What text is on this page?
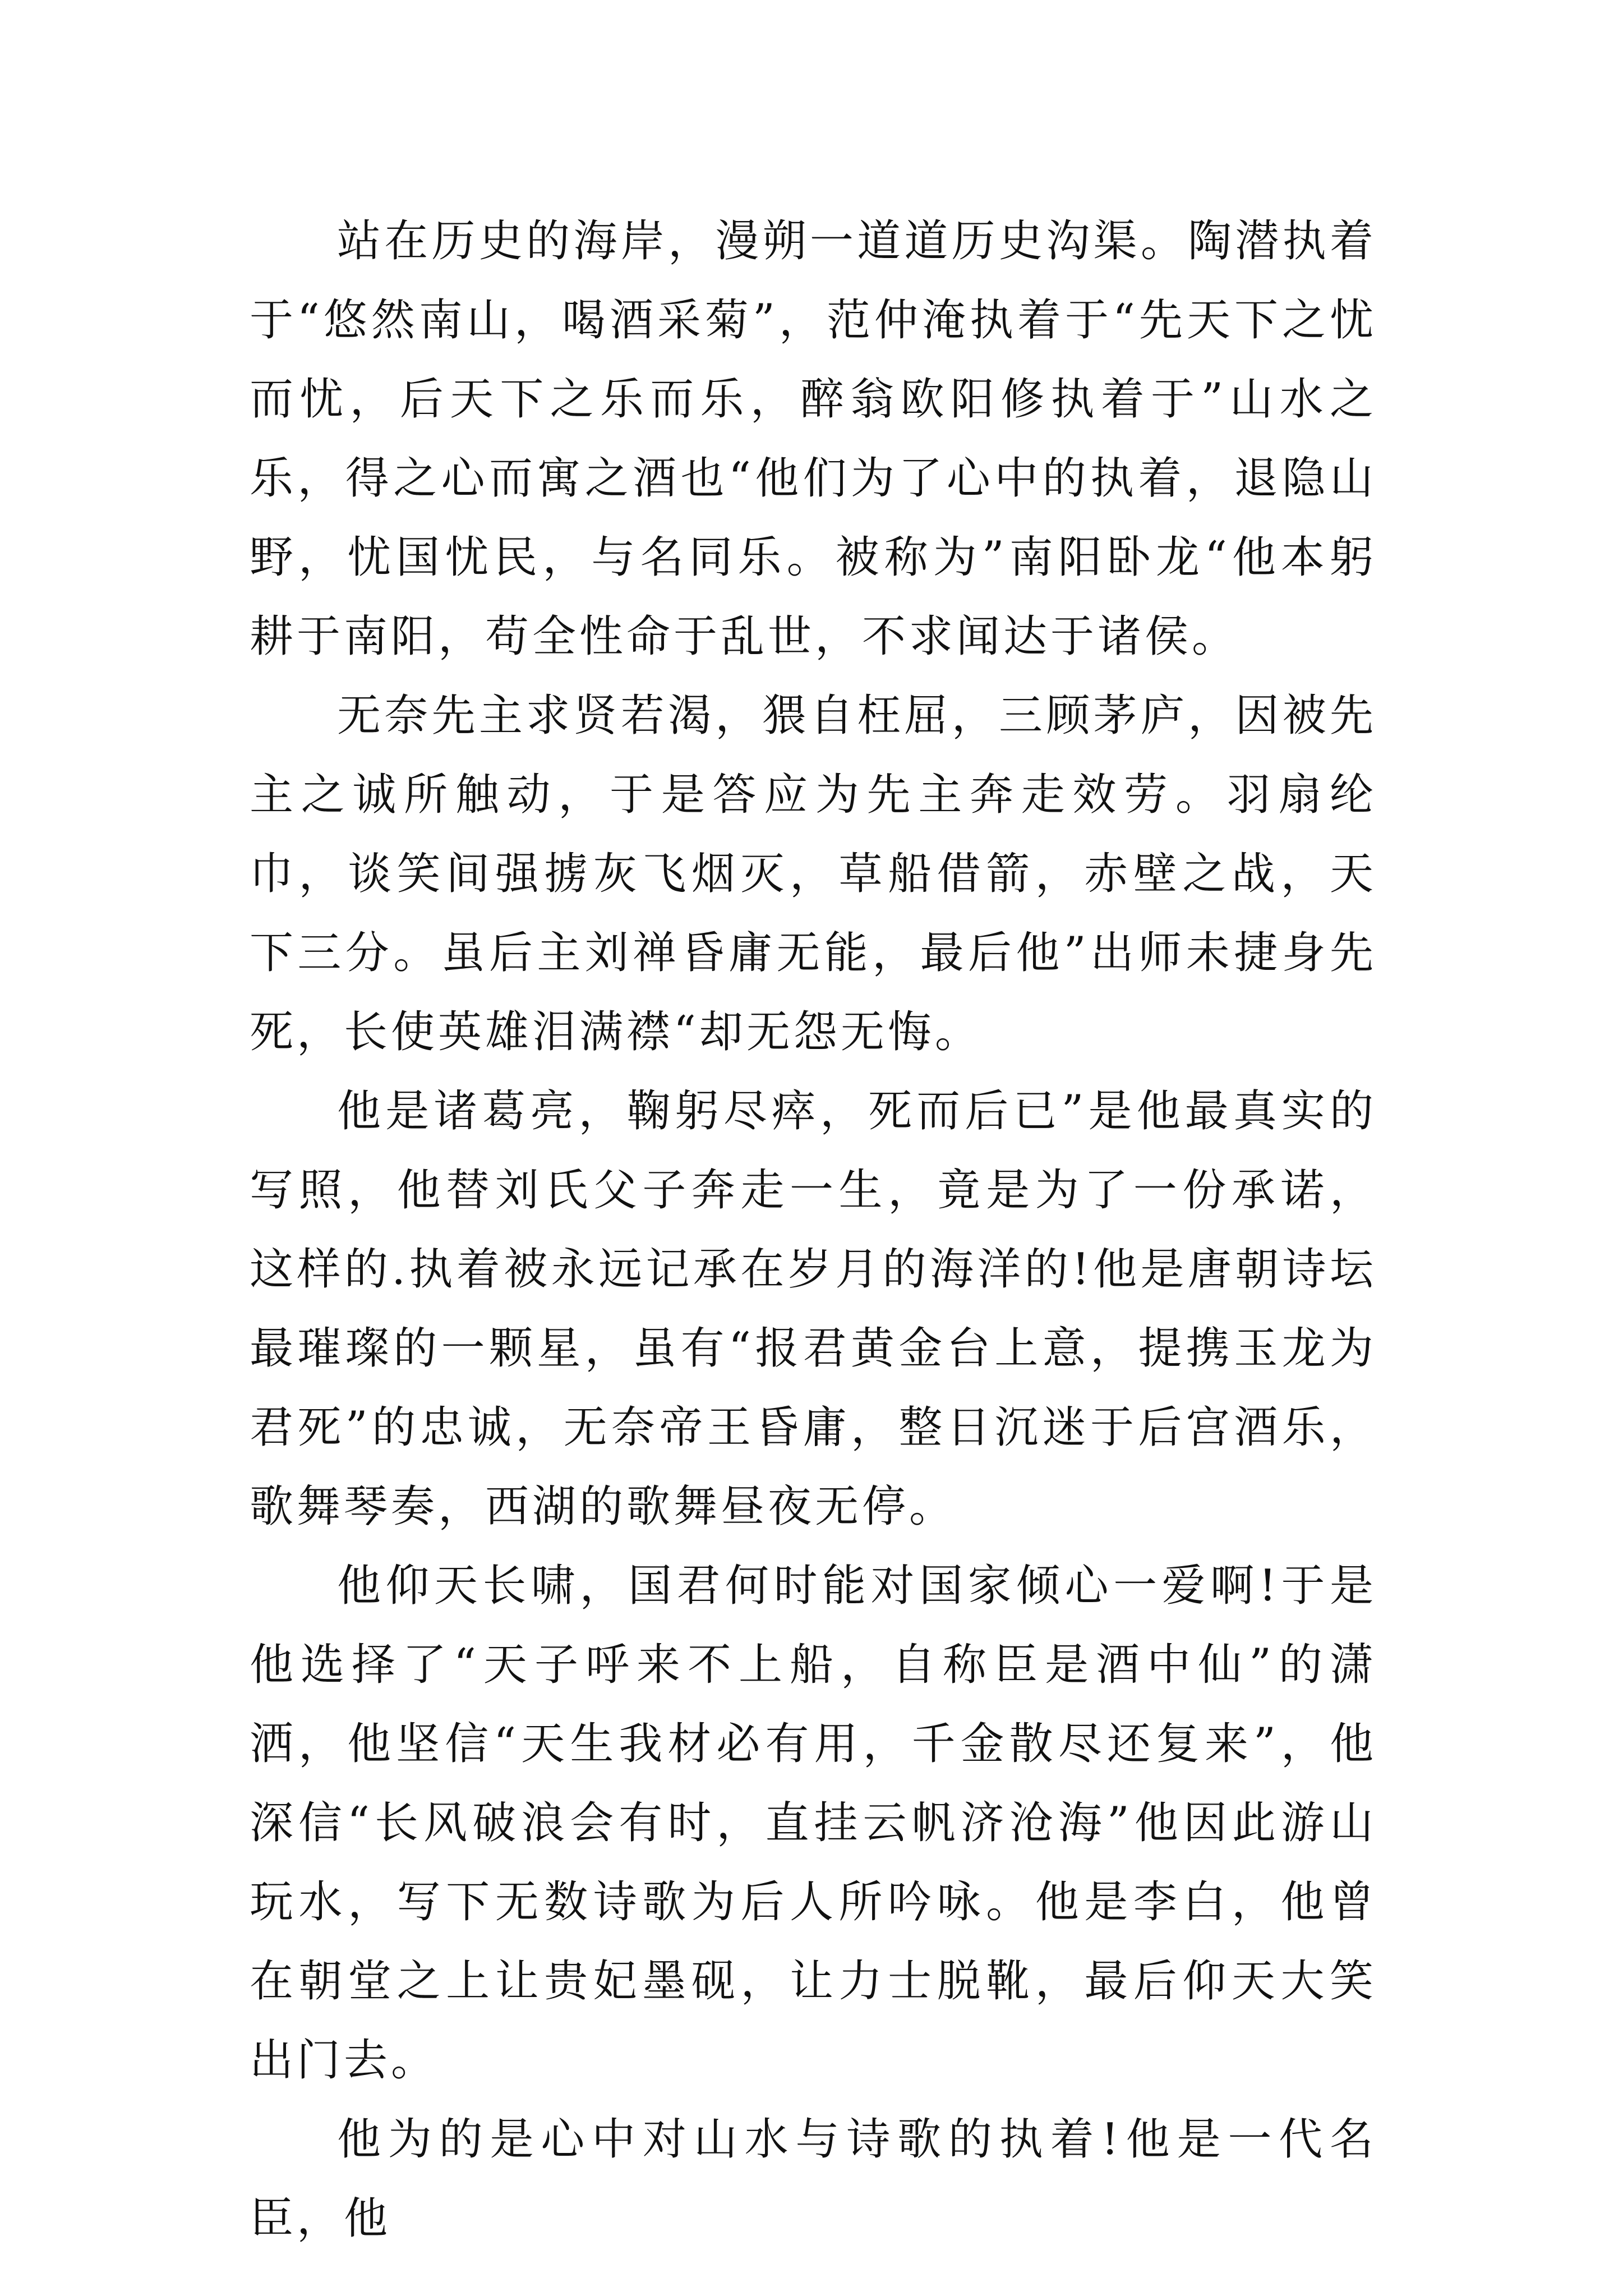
站在历史的海岸，漫朔一道道历史沟渠。陶潜执着于“悠然南山，喝酒采菊”，范仲淹执着于“先天下之忧而忧，后天下之乐而乐，醉翁欧阳修执着于”山水之乐，得之心而寓之酒也“他们为了心中的执着，退隐山野，忧国忧民，与名同乐。被称为”南阳卧龙“他本躬耕于南阳，苟全性命于乱世，不求闻达于诸侯。

无奈先主求贤若渴，猥自枉屈，三顾茅庐，因被先主之诚所触动，于是答应为先主奔走效劳。羽扇纶巾，谈笑间强掳灰飞烟灭，草船借箭，赤壁之战，天下三分。虽后主刘禅昏庸无能，最后他”出师未捷身先死，长使英雄泪满襟“却无怨无悔。

他是诸葛亮，鞠躬尽瘁，死而后已”是他最真实的写照，他替刘氏父子奔走一生，竟是为了一份承诺，这样的.执着被永远记承在岁月的海洋的!他是唐朝诗坛最璀璨的一颗星，虽有“报君黄金台上意，提携玉龙为君死”的忠诚，无奈帝王昏庸，整日沉迷于后宫酒乐，歌舞琴奏，西湖的歌舞昼夜无停。

他仰天长啸，国君何时能对国家倾心一爱啊!于是他选择了“天子呼来不上船，自称臣是酒中仙”的潇洒，他坚信“天生我材必有用，千金散尽还复来”，他深信“长风破浪会有时，直挂云帆济沧海”他因此游山玩水，写下无数诗歌为后人所吟咏。他是李白，他曾在朝堂之上让贵妃墨砚，让力士脱靴，最后仰天大笑出门去。

他为的是心中对山水与诗歌的执着!他是一代名臣，他
